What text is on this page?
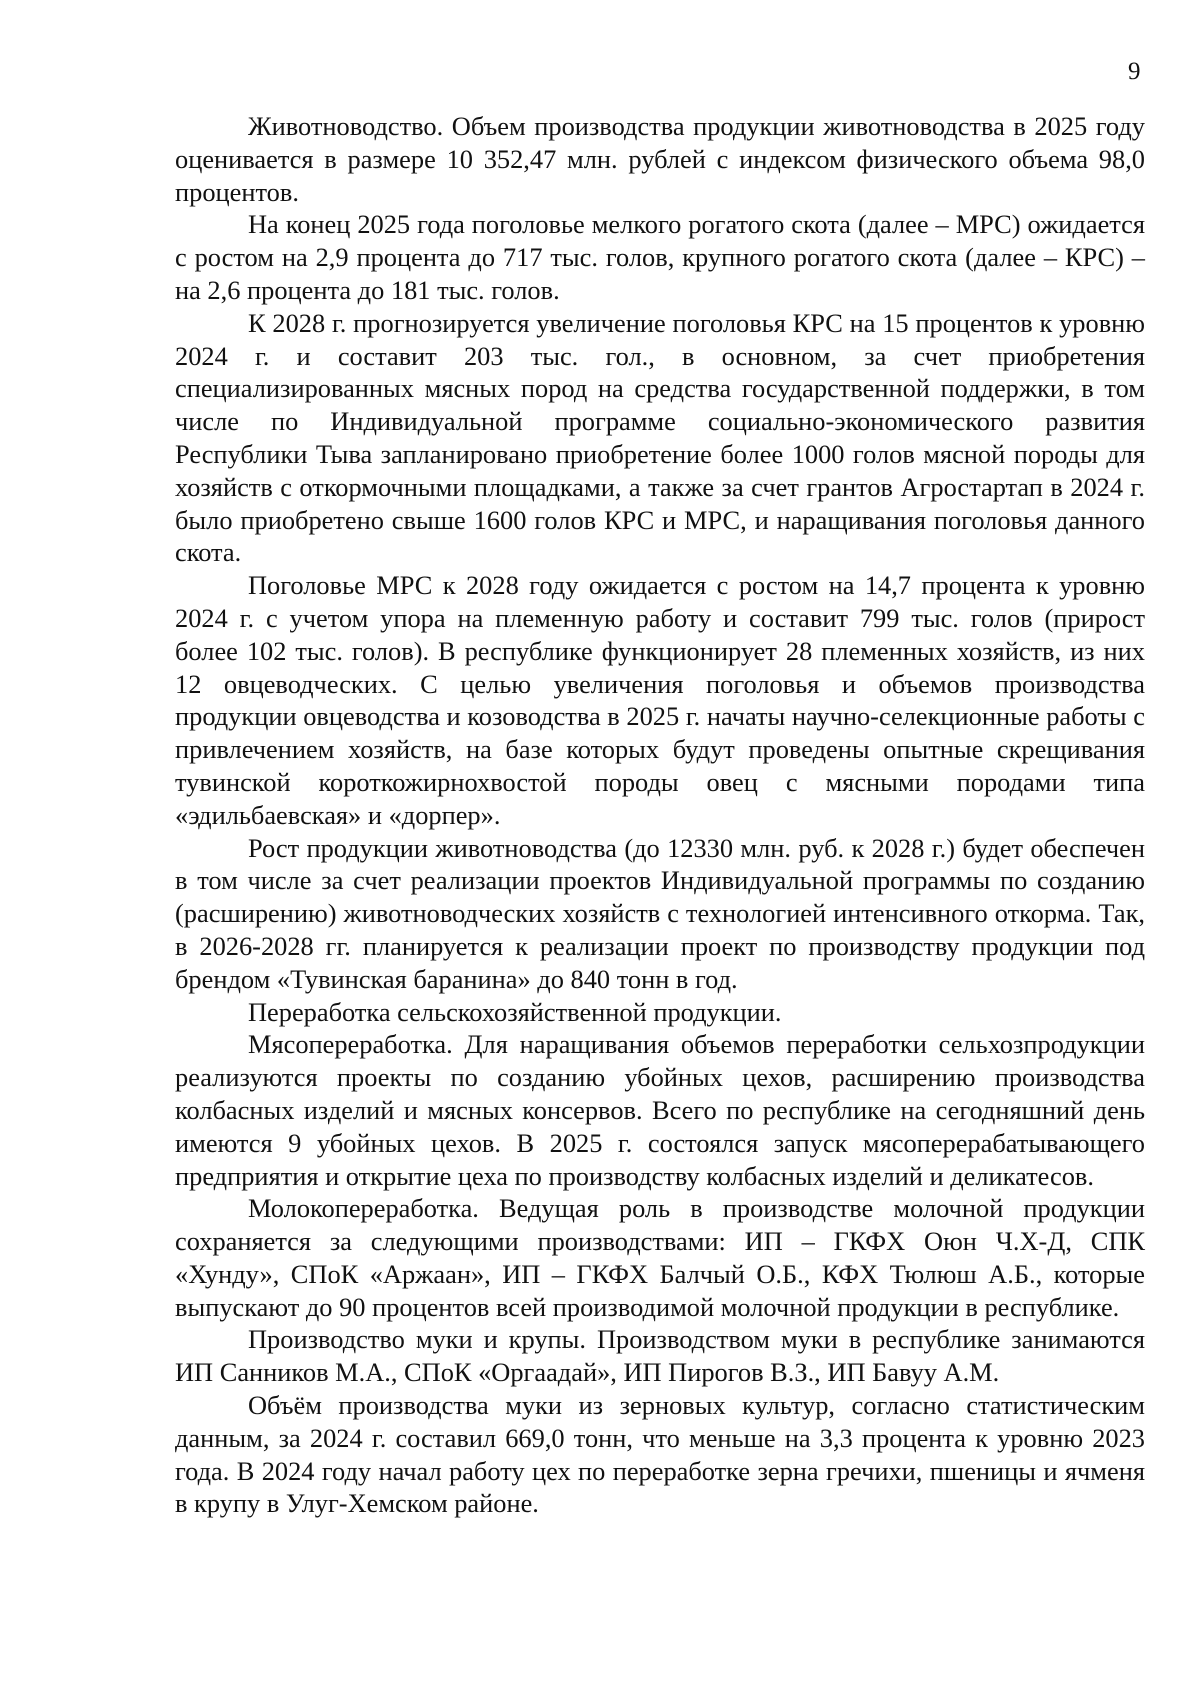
9

Животноводство. Объем производства продукции животноводства в 2025 году оценивается в размере 10 352,47 млн. рублей с индексом физического объема 98,0 процентов.

На конец 2025 года поголовье мелкого рогатого скота (далее – МРС) ожидается с ростом на 2,9 процента до 717 тыс. голов, крупного рогатого скота (далее – КРС) – на 2,6 процента до 181 тыс. голов.

К 2028 г. прогнозируется увеличение поголовья КРС на 15 процентов к уровню 2024 г. и составит 203 тыс. гол., в основном, за счет приобретения специализированных мясных пород на средства государственной поддержки, в том числе по Индивидуальной программе социально-экономического развития Республики Тыва запланировано приобретение более 1000 голов мясной породы для хозяйств с откормочными площадками, а также за счет грантов Агростартап в 2024 г. было приобретено свыше 1600 голов КРС и МРС, и наращивания поголовья данного скота.

Поголовье МРС к 2028 году ожидается с ростом на 14,7 процента к уровню 2024 г. с учетом упора на племенную работу и составит 799 тыс. голов (прирост более 102 тыс. голов). В республике функционирует 28 племенных хозяйств, из них 12 овцеводческих. С целью увеличения поголовья и объемов производства продукции овцеводства и козоводства в 2025 г. начаты научно-селекционные работы с привлечением хозяйств, на базе которых будут проведены опытные скрещивания тувинской короткожирнохвостой породы овец с мясными породами типа «эдильбаевская» и «дорпер».

Рост продукции животноводства (до 12330 млн. руб. к 2028 г.) будет обеспечен в том числе за счет реализации проектов Индивидуальной программы по созданию (расширению) животноводческих хозяйств с технологией интенсивного откорма. Так, в 2026-2028 гг. планируется к реализации проект по производству продукции под брендом «Тувинская баранина» до 840 тонн в год.

Переработка сельскохозяйственной продукции.

Мясопереработка. Для наращивания объемов переработки сельхозпродукции реализуются проекты по созданию убойных цехов, расширению производства колбасных изделий и мясных консервов. Всего по республике на сегодняшний день имеются 9 убойных цехов. В 2025 г. состоялся запуск мясоперерабатывающего предприятия и открытие цеха по производству колбасных изделий и деликатесов.

Молокопереработка. Ведущая роль в производстве молочной продукции сохраняется за следующими производствами: ИП – ГКФХ Оюн Ч.Х-Д, СПК «Хунду», СПоК «Аржаан», ИП – ГКФХ Балчый О.Б., КФХ Тюлюш А.Б., которые выпускают до 90 процентов всей производимой молочной продукции в республике.

Производство муки и крупы. Производством муки в республике занимаются ИП Санников М.А., СПоК «Оргаадай», ИП Пирогов В.З., ИП Бавуу А.М.

Объём производства муки из зерновых культур, согласно статистическим данным, за 2024 г. составил 669,0 тонн, что меньше на 3,3 процента к уровню 2023 года. В 2024 году начал работу цех по переработке зерна гречихи, пшеницы и ячменя в крупу в Улуг-Хемском районе.
